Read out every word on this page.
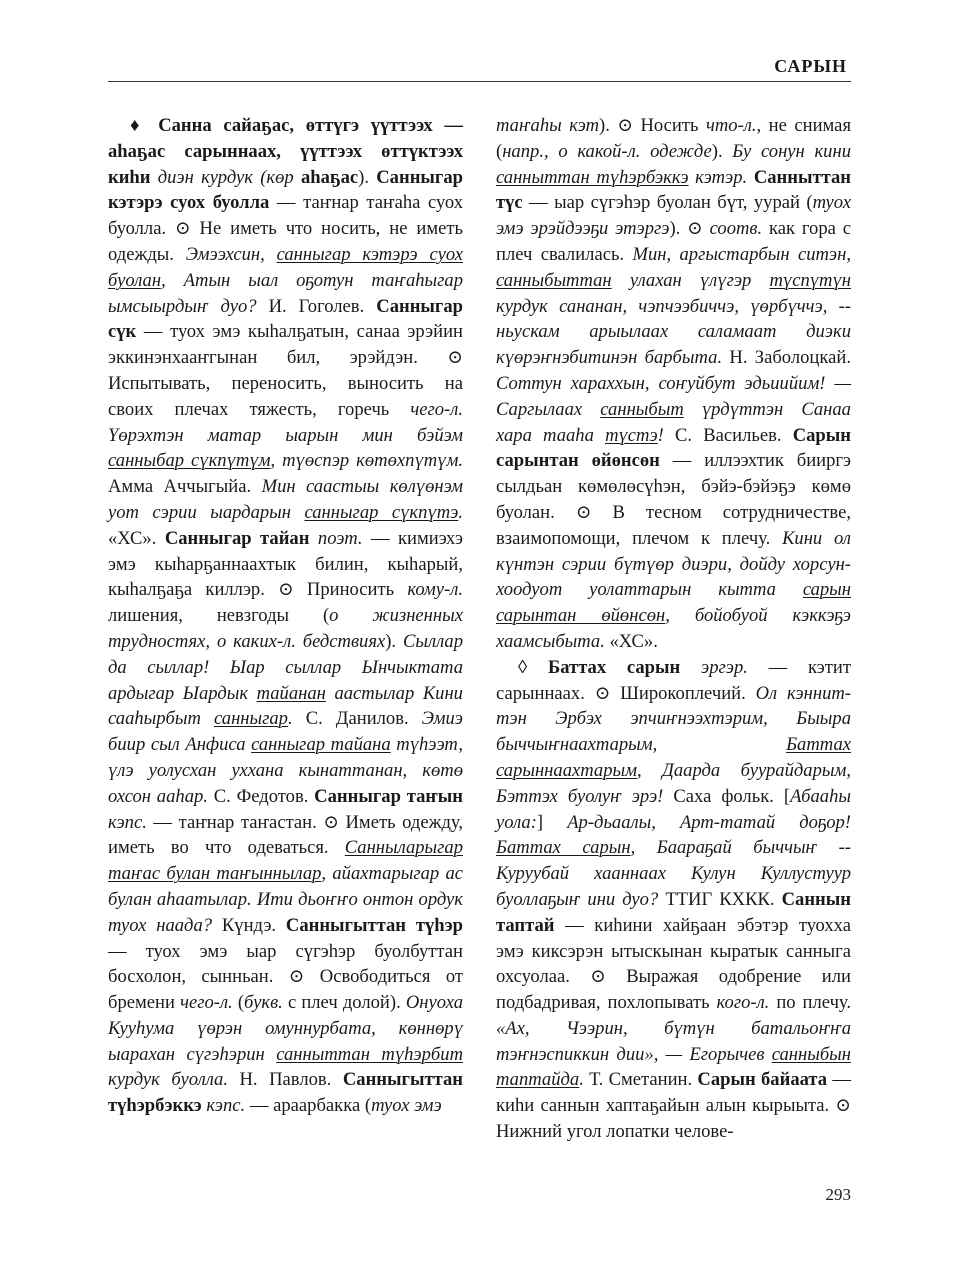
САРЫН

♦ Санна сайаҕас, өттүгэ үүттээх — аһаҕас сарыннаах, үүттээх өттүктээх киһи диэн курдук (көр аһаҕас). Санныгар кэтэрэ суох буолла — таҥнар таҥаһа суох буолла. ⊙ Не иметь что носить, не иметь одежды. Эмээхсин, санныгар кэтэрэ суох буолан, Атын ыал оҕотун таҥаһыгар ымсыырдыҥ дуо? И. Гоголев. Санныгар сүк — туох эмэ кыһалҕатын, санаа эрэйин эккинэнхааҥгынан бил, эрэйдэн. ⊙ Испытывать, переносить, выносить на своих плечах тяжесть, горечь чего-л. Үөрэхтэн матар ыарын мин бэйэм санныбар сүкпүтүм, түөспэр көтөхпүтүм. Амма Аччыгыйа. Мин саастыы көлүөнэм уот сэрии ыардарын санныгар сүкпүтэ. «ХС». Санныгар тайан поэт. — кимиэхэ эмэ кыһарҕаннаахтык билин, кыһарый, кыһалҕаҕа киллэр. ⊙ Приносить кому-л. лишения, невзгоды (о жизненных трудностях, о каких-л. бедствиях). Сыллар да сыллар! Ыар сыллар Ынчыктата ардыгар Ыардык тайанан аастылар Кини сааһырбыт санныгар. С. Данилов. Эмиэ биир сыл Анфиса санныгар тайана түһээт, үлэ уолусхан уххана кынаттанан, көтө охсон ааһар. С. Федотов. Санныгар таҥын кэпс. — таҥнар таҥастан. ⊙ Иметь одежду, иметь во что одеваться. Санныларыгар таҥас булан таҥыннылар, айахтарыгар ас булан аһаатылар. Ити дьоҥҥо онтон ордук туох наада? Күндэ. Санныгыттан түһэр — туох эмэ ыар сүгэһэр буолбуттан босхолон, сынньан. ⊙ Освободиться от бремени чего-л. (букв. с плеч долой). Онуоха Кууһума үөрэн омуннурбата, көннөрү ыарахан сүгэһэрин санныттан түһэрбит курдук буолла. Н. Павлов. Санныгыттан түһэрбэккэ кэпс. — араарбакка (туох эмэ

таҥаһы кэт). ⊙ Носить что-л., не снимая (напр., о какой-л. одежде). Бу сонун кини санныттан түһэрбэккэ кэтэр. Санныттан түс — ыар сүгэһэр буолан бүт, уурай (туох эмэ эрэйдээҕи этэргэ). ⊙ соотв. как гора с плеч свалилась. Мин, аргыстарбын ситэн, санныбыттан улахан үлүгэр түспүтүн курдук сананан, чэпчээбиччэ, үөрбүччэ, -- ньускам арыылаах саламаат диэки күөрэҥнэбитинэн барбыта. Н. Заболоцкай. Соттун хараххын, соҥуйбут эдьиийим! — Саргылаах санныбыт үрдүттэн Санаа хара тааһа түстэ! С. Васильев. Сарын сарынтан өйөнсөн — иллээхтик бииргэ сылдьан көмөлөсүһэн, бэйэ-бэйэҕэ көмө буолан. ⊙ В тесном сотрудничестве, взаимопомощи, плечом к плечу. Кини ол күнтэн сэрии бүтүөр диэри, дойду хорсун-хоодуот уолаттарын кытта сарын сарынтан өйөнсөн, бойобуой кэккэҕэ хаамсыбыта. «ХС».

◊ Баттах сарын эргэр. — кэтит сарыннаах. ⊙ Широкоплечий. Ол кэнниттэн Эрбэх эпчиҥнээхтэрим, Быыра быччыҥнаахтарым, Баттах сарыннаахтарым, Даарда буурайдарым, Бэттэх буолуҥ эрэ! Саха фольк. [Абааһы уола:] Ар-дьаалы, Арт-татай доҕор! Баттах сарын, Баараҕай быччыҥ -- Куруубай хааннаах Кулун Куллустуур буоллаҕыҥ ини дуо? ТТИГ КХКК. Саннын таптай — киһини хайҕаан эбэтэр туохха эмэ киксэрэн ытыскынан кыратык санныга охсуолаа. ⊙ Выражая одобрение или подбадривая, похлопывать кого-л. по плечу. «Ах, Чээрин, бүтүн батальоҥҥа тэҥнэспиккин дии», — Егорычев санныбын таптайда. Т. Сметанин. Сарын байаата — киһи саннын хаптаҕайын алын кырыыта. ⊙ Нижний угол лопатки челове-

293
